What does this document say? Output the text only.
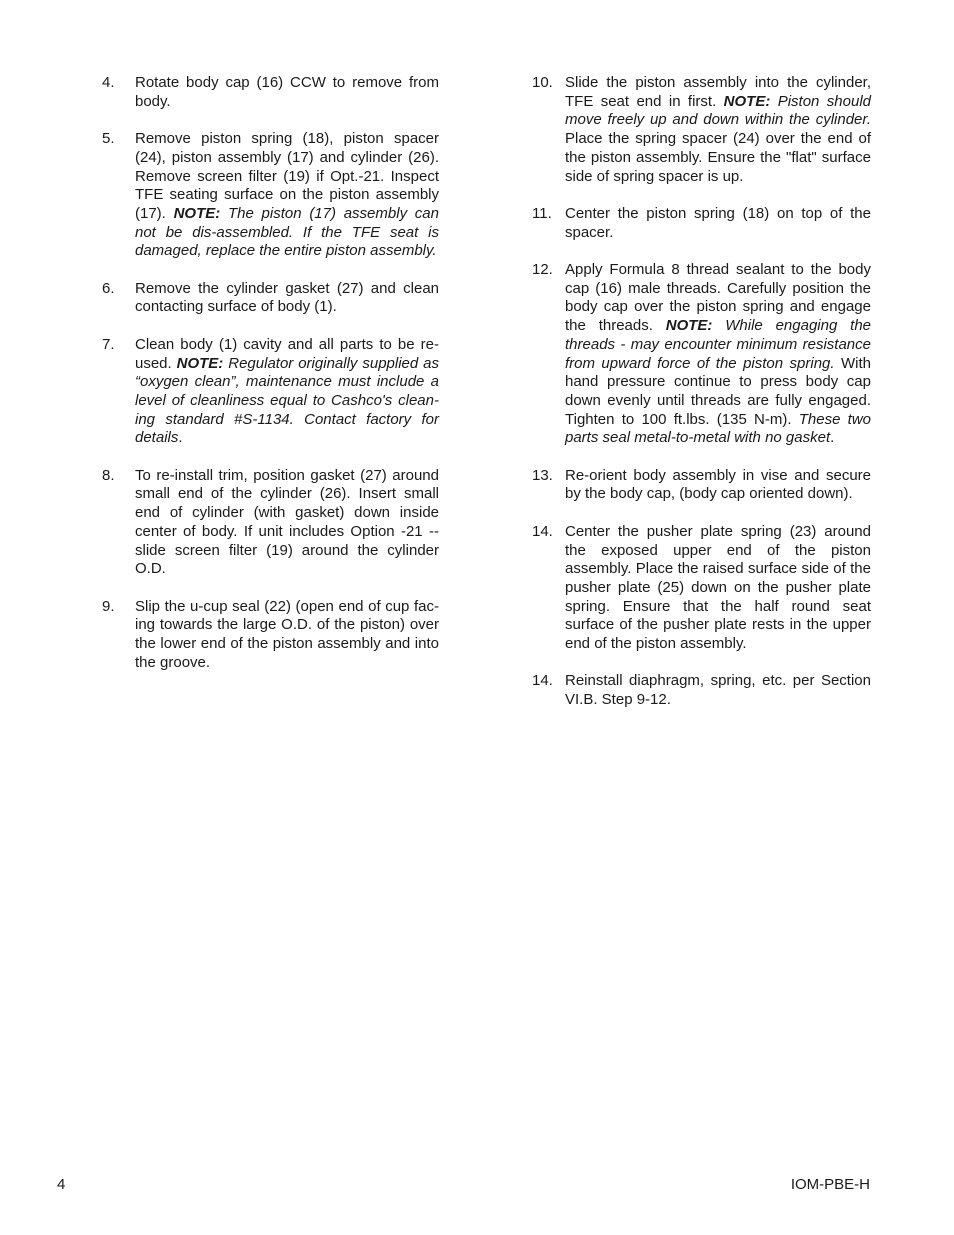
4.	Rotate body cap (16) CCW to remove from body.
5.	Remove piston spring (18), piston spacer (24), piston assembly (17) and cylinder (26). Remove screen filter (19) if Opt.-21. Inspect TFE seating surface on the piston assembly (17). NOTE: The piston (17) assembly can not be dis-assembled. If the TFE seat is damaged, replace the entire piston assembly.
6.	Remove the cylinder gasket (27) and clean contacting surface of body (1).
7.	Clean body (1) cavity and all parts to be re-used. NOTE: Regulator originally supplied as “oxygen clean”, maintenance must include a level of cleanliness equal to Cashco's clean-ing standard #S-1134. Contact factory for details.
8.	To re-install trim, position gasket (27) around small end of the cylinder (26). Insert small end of cylinder (with gasket) down inside center of body. If unit includes Option -21 -- slide screen filter (19) around the cylinder O.D.
9.	Slip the u-cup seal (22) (open end of cup fac-ing towards the large O.D. of the piston) over the lower end of the piston assembly and into the groove.
10. Slide the piston assembly into the cylinder, TFE seat end in first. NOTE: Piston should move freely up and down within the cylinder. Place the spring spacer (24) over the end of the piston assembly. Ensure the "flat" surface side of spring spacer is up.
11. Center the piston spring (18) on top of the spacer.
12. Apply Formula 8 thread sealant to the body cap (16) male threads. Carefully position the body cap over the piston spring and engage the threads. NOTE: While engaging the threads - may encounter minimum resistance from upward force of the piston spring. With hand pressure continue to press body cap down evenly until threads are fully engaged. Tighten to 100 ft.lbs. (135 N-m). These two parts seal metal-to-metal with no gasket.
13. Re-orient body assembly in vise and secure by the body cap, (body cap oriented down).
14. Center the pusher plate spring (23) around the exposed upper end of the piston assembly. Place the raised surface side of the pusher plate (25) down on the pusher plate spring. Ensure that the half round seat surface of the pusher plate rests in the upper end of the piston assembly.
14. Reinstall diaphragm, spring, etc. per Section VI.B. Step 9-12.
4	IOM-PBE-H
